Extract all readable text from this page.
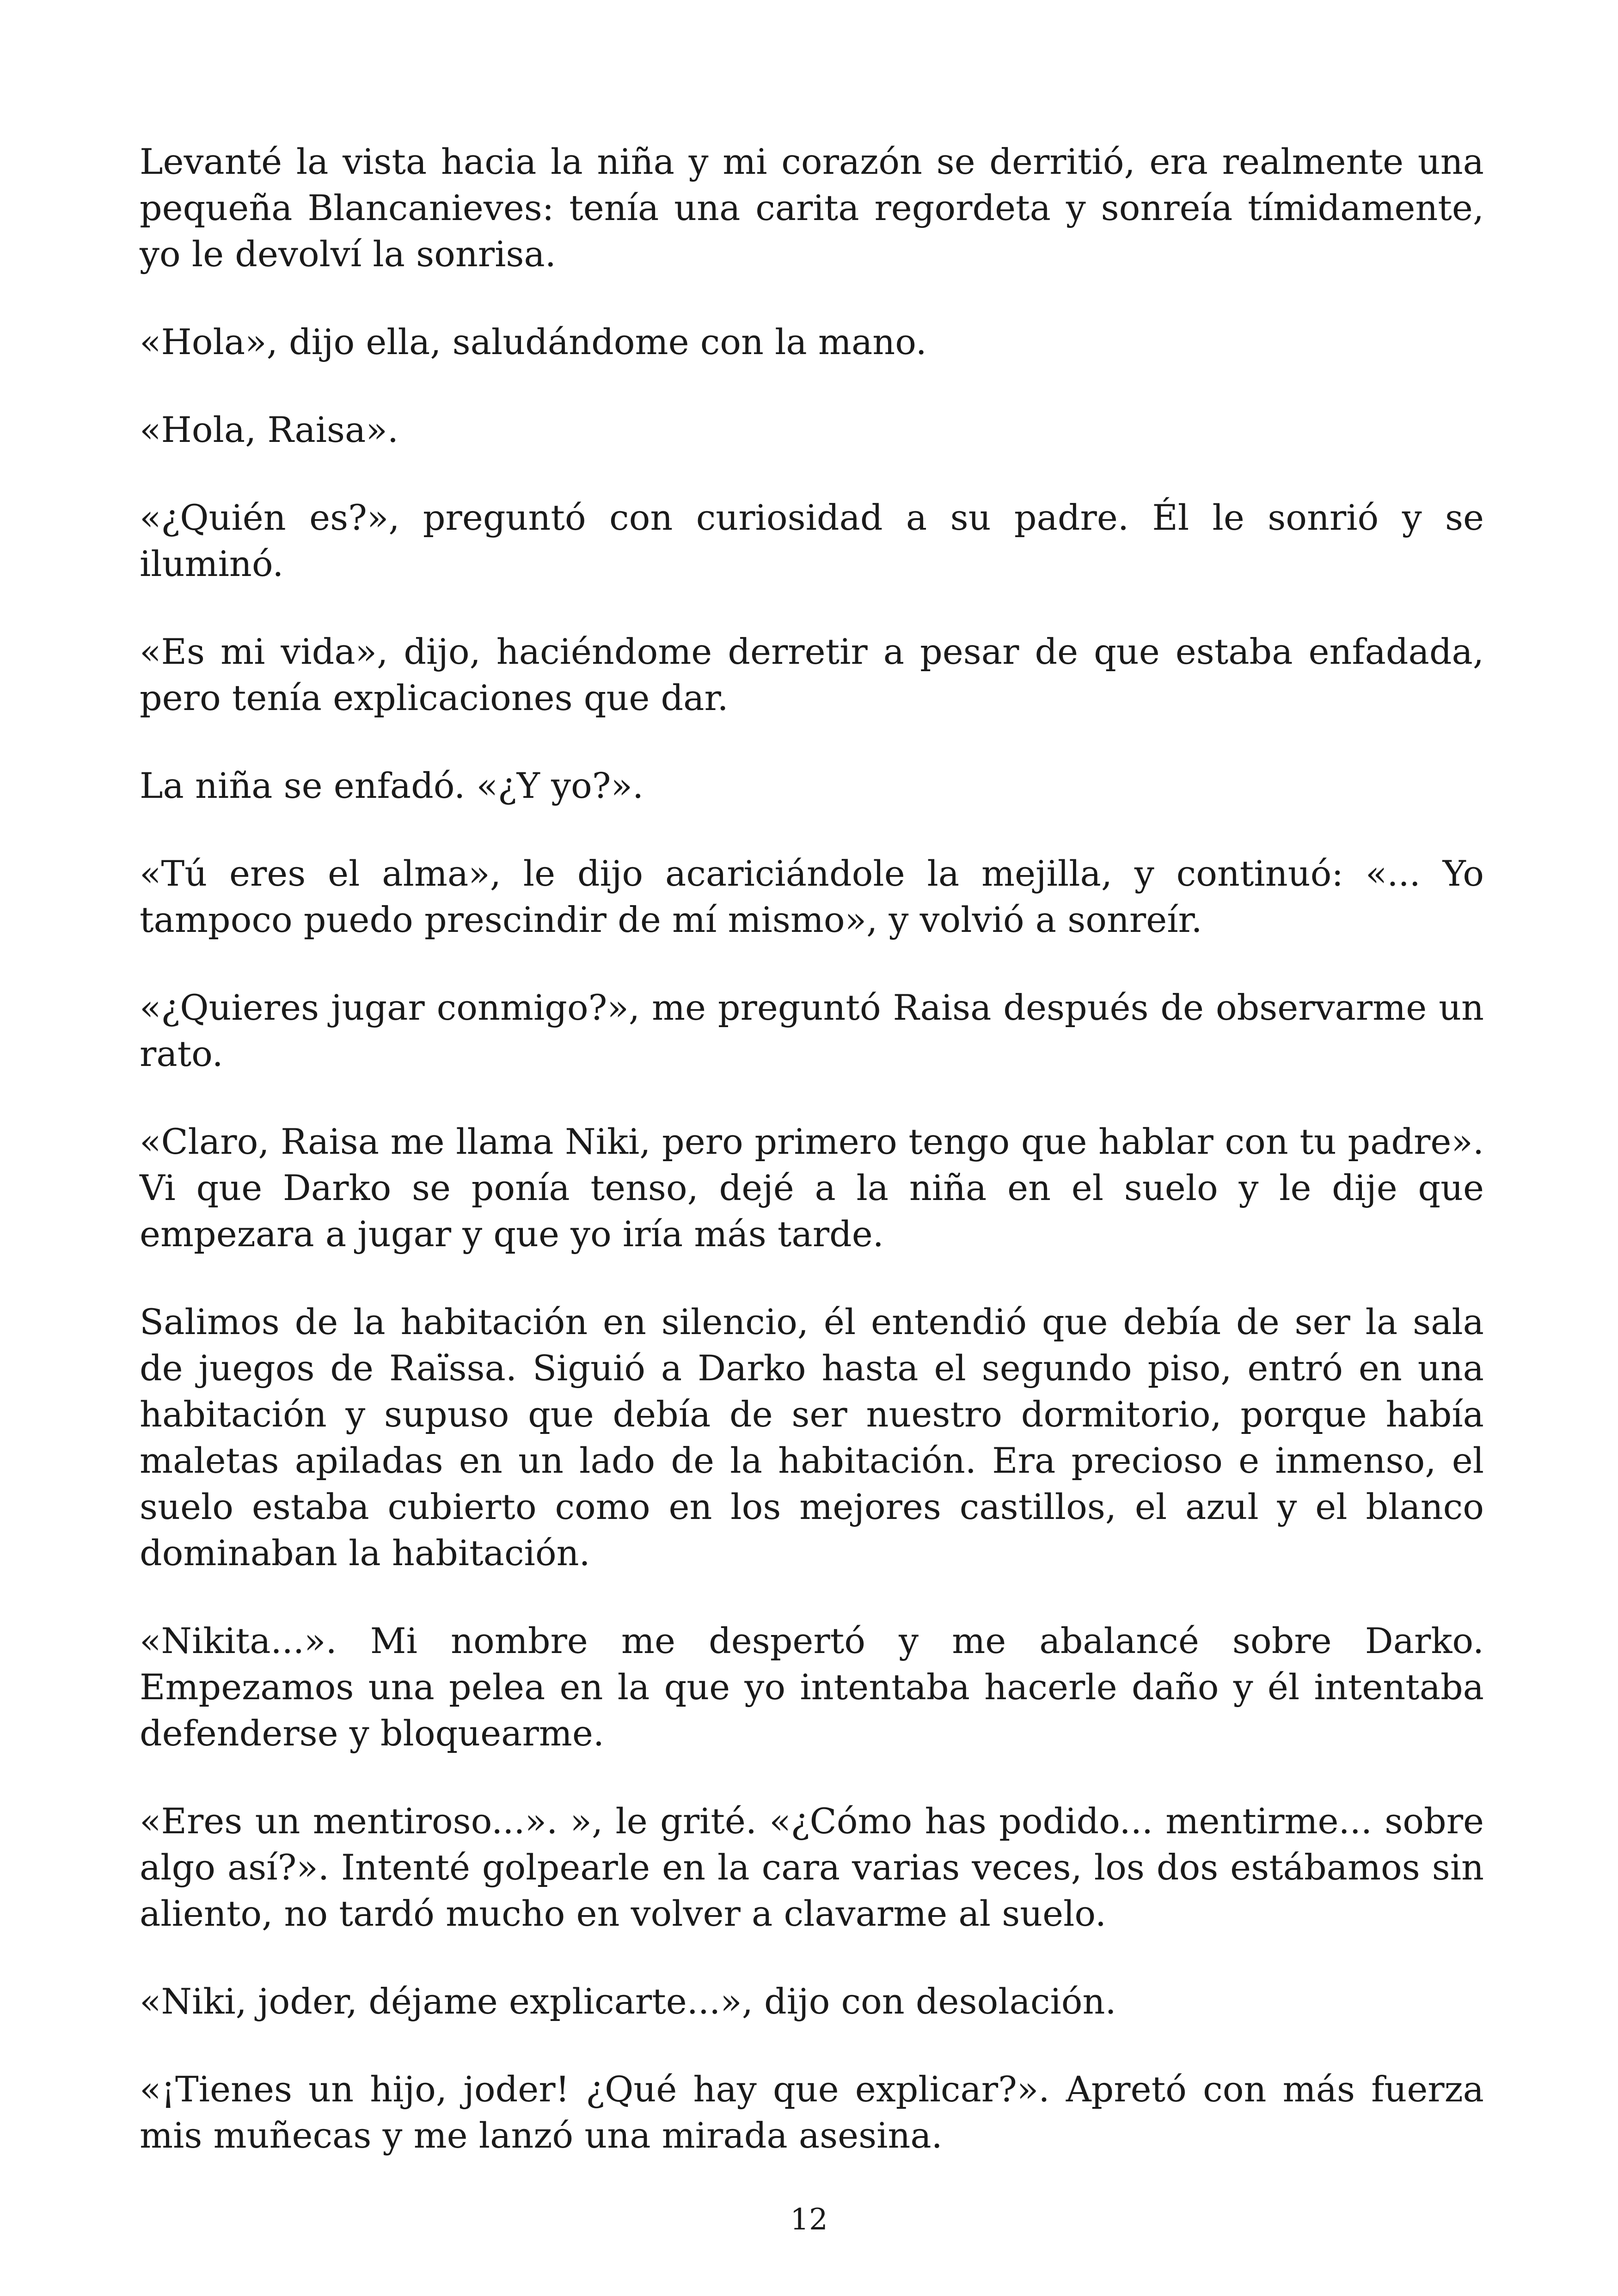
Levanté la vista hacia la niña y mi corazón se derritió, era realmente una pequeña Blancanieves: tenía una carita regordeta y sonreía tímidamente, yo le devolví la sonrisa.

«Hola», dijo ella, saludándome con la mano.

«Hola, Raisa».

«¿Quién es?», preguntó con curiosidad a su padre. Él le sonrió y se iluminó.

«Es mi vida», dijo, haciéndome derretir a pesar de que estaba enfadada, pero tenía explicaciones que dar.

La niña se enfadó. «¿Y yo?».

«Tú eres el alma», le dijo acariciándole la mejilla, y continuó: «... Yo tampoco puedo prescindir de mí mismo», y volvió a sonreír.

«¿Quieres jugar conmigo?», me preguntó Raisa después de observarme un rato.

«Claro, Raisa me llama Niki, pero primero tengo que hablar con tu padre». Vi que Darko se ponía tenso, dejé a la niña en el suelo y le dije que empezara a jugar y que yo iría más tarde.

Salimos de la habitación en silencio, él entendió que debía de ser la sala de juegos de Raïssa. Siguió a Darko hasta el segundo piso, entró en una habitación y supuso que debía de ser nuestro dormitorio, porque había maletas apiladas en un lado de la habitación. Era precioso e inmenso, el suelo estaba cubierto como en los mejores castillos, el azul y el blanco dominaban la habitación.

«Nikita...». Mi nombre me despertó y me abalancé sobre Darko. Empezamos una pelea en la que yo intentaba hacerle daño y él intentaba defenderse y bloquearme.

«Eres un mentiroso...». », le grité. «¿Cómo has podido... mentirme... sobre algo así?». Intenté golpearle en la cara varias veces, los dos estábamos sin aliento, no tardó mucho en volver a clavarme al suelo.

«Niki, joder, déjame explicarte...», dijo con desolación.

«¡Tienes un hijo, joder! ¿Qué hay que explicar?». Apretó con más fuerza mis muñecas y me lanzó una mirada asesina.

12
